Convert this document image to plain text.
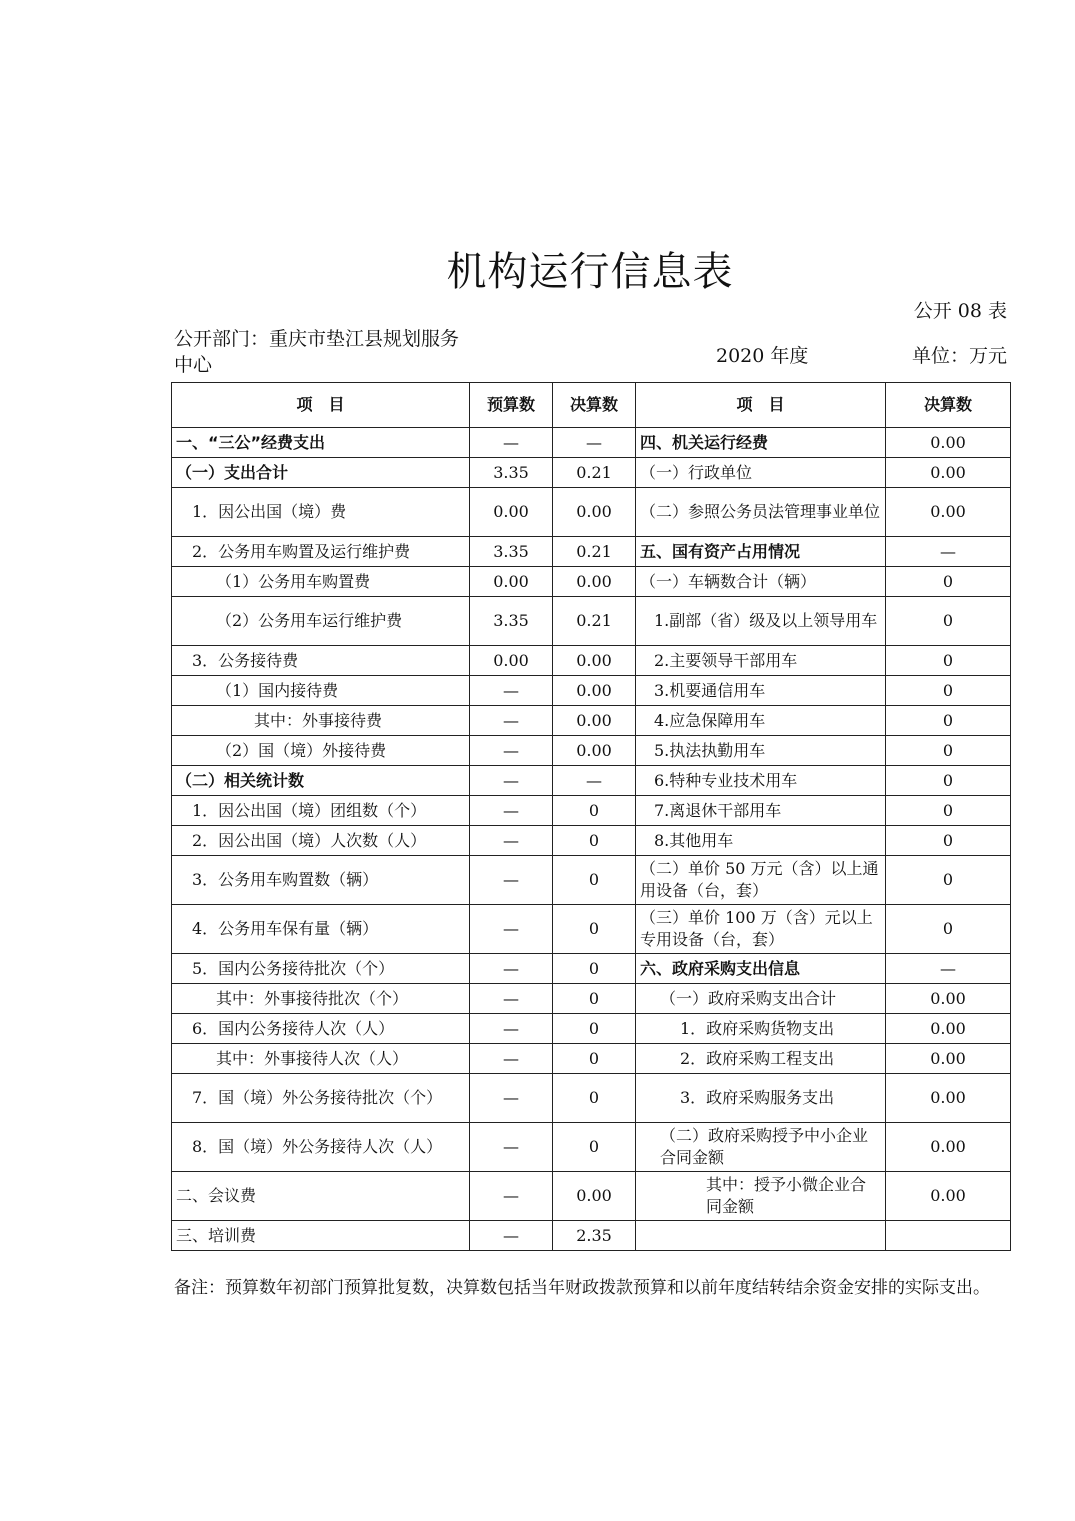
机构运行信息表
公开 08 表
公开部门：重庆市垫江县规划服务中心	2020 年度	单位：万元
项　目	预算数	决算数	项　目	决算数
一、“三公”经费支出	—	—	四、机关运行经费	0.00
（一）支出合计	3.35	0.21	（一）行政单位	0.00
1．因公出国（境）费	0.00	0.00	（二）参照公务员法管理事业单位	0.00
2．公务用车购置及运行维护费	3.35	0.21	五、国有资产占用情况	—
（1）公务用车购置费	0.00	0.00	（一）车辆数合计（辆）	0
（2）公务用车运行维护费	3.35	0.21	1.副部（省）级及以上领导用车	0
3．公务接待费	0.00	0.00	2.主要领导干部用车	0
（1）国内接待费	—	0.00	3.机要通信用车	0
其中：外事接待费	—	0.00	4.应急保障用车	0
（2）国（境）外接待费	—	0.00	5.执法执勤用车	0
（二）相关统计数	—	—	6.特种专业技术用车	0
1．因公出国（境）团组数（个）	—	0	7.离退休干部用车	0
2．因公出国（境）人次数（人）	—	0	8.其他用车	0
3．公务用车购置数（辆）	—	0	（二）单价 50 万元（含）以上通用设备（台，套）	0
4．公务用车保有量（辆）	—	0	（三）单价 100 万（含）元以上专用设备（台，套）	0
5．国内公务接待批次（个）	—	0	六、政府采购支出信息	—
其中：外事接待批次（个）	—	0	（一）政府采购支出合计	0.00
6．国内公务接待人次（人）	—	0	1．政府采购货物支出	0.00
其中：外事接待人次（人）	—	0	2．政府采购工程支出	0.00
7．国（境）外公务接待批次（个）	—	0	3．政府采购服务支出	0.00
8．国（境）外公务接待人次（人）	—	0	（二）政府采购授予中小企业合同金额	0.00
二、会议费	—	0.00	其中：授予小微企业合同金额	0.00
三、培训费	—	2.35		
备注：预算数年初部门预算批复数，决算数包括当年财政拨款预算和以前年度结转结余资金安排的实际支出。
